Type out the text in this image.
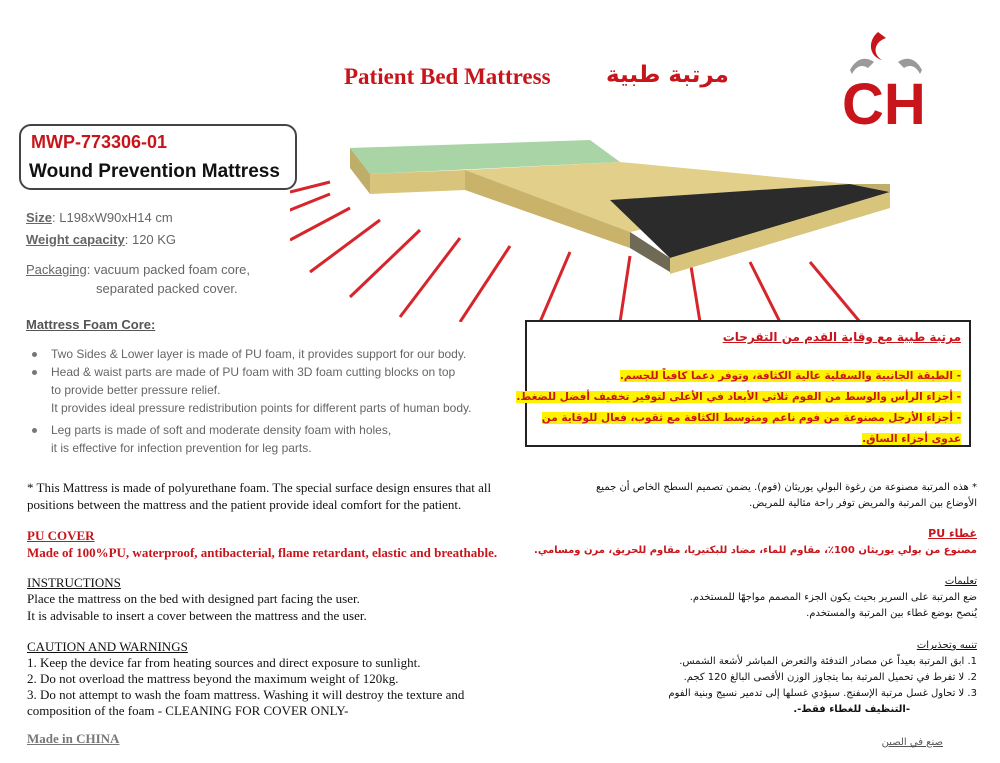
Patient Bed Mattress مرتبة طبية CH
MWP-773306-01
Wound Prevention Mattress
Size: L198xW90xH14 cm
Weight capacity: 120 KG
Packaging: vacuum packed foam core,
separated packed cover.
Mattress Foam Core:
Two Sides & Lower layer is made of PU foam, it provides support for our body.
Head & waist parts are made of PU foam with 3D foam cutting blocks on top
to provide better pressure relief.
It provides ideal pressure redistribution points for different parts of human body.
Leg parts is made of soft and moderate density foam with holes,
it is effective for infection prevention for leg parts.
مرتبة طبية مع وقاية القدم من التقرحات
- الطبقة الجانبية والسفلية عالية الكثافة، وتوفر دعما كافياً للجسم.
- أجزاء الرأس والوسط من الفوم ثلاثي الأبعاد في الأعلى لتوفير تخفيف أفضل للضغط.
- أجزاء الأرجل مصنوعة من فوم ناعم ومتوسط الكثافة مع ثقوب، فعال للوقاية من
عدوى أجزاء الساق.
* This Mattress is made of polyurethane foam. The special surface design ensures that all
positions between the mattress and the patient provide ideal comfort for the patient.
* هذه المرتبة مصنوعة من رغوة البولي يوريثان (فوم). يضمن تصميم السطح الخاص أن جميع
الأوضاع بين المرتبة والمريض توفر راحة مثالية للمريض.
PU COVER
Made of 100%PU, waterproof, antibacterial, flame retardant, elastic and breathable.
غطاء PU
مصنوع من بولي يوريثان 100٪، مقاوم للماء، مضاد للبكتيريا، مقاوم للحريق، مرن ومسامي.
INSTRUCTIONS
Place the mattress on the bed with designed part facing the user.
It is advisable to insert a cover between the mattress and the user.
تعليمات
ضع المرتبة على السرير بحيث يكون الجزء المصمم مواجهًا للمستخدم.
يُنصح بوضع غطاء بين المرتبة والمستخدم.
CAUTION AND WARNINGS
1. Keep the device far from heating sources and direct exposure to sunlight.
2. Do not overload the mattress beyond the maximum weight of 120kg.
3. Do not attempt to wash the foam mattress. Washing it will destroy the texture and
composition of the foam - CLEANING FOR COVER ONLY-
تنبيه وتحذيرات
1. ابق المرتبة بعيداً عن مصادر التدفئة والتعرض المباشر لأشعة الشمس.
2. لا تفرط في تحميل المرتبة بما يتجاوز الوزن الأقصى البالغ 120 كجم.
3. لا تحاول غسل مرتبة الإسفنج. سيؤدي غسلها إلى تدمير نسيج وبنية الفوم
-التنظيف للغطاء فقط-.
Made in CHINA	صنع في الصين
